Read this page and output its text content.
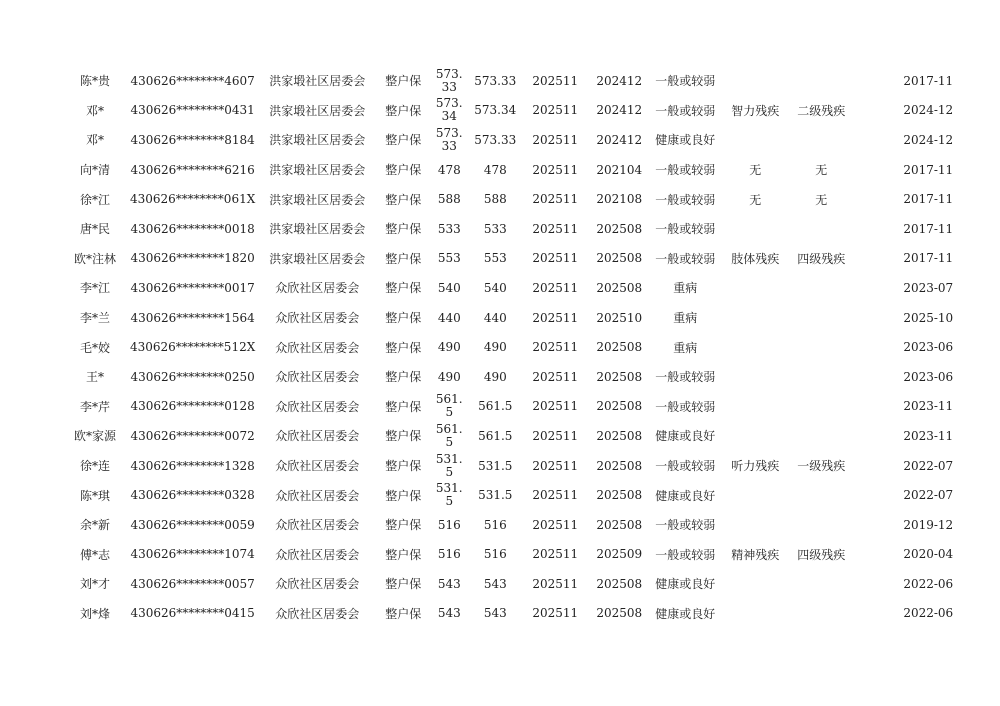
陈*贵	430626********4607	洪家塅社区居委会	整户保	573.33	573.33	202511	202412	一般或较弱				2017-11
邓*	430626********0431	洪家塅社区居委会	整户保	573.34	573.34	202511	202412	一般或较弱	智力残疾	二级残疾		2024-12
邓*	430626********8184	洪家塅社区居委会	整户保	573.33	573.33	202511	202412	健康或良好				2024-12
向*清	430626********6216	洪家塅社区居委会	整户保	478	478	202511	202104	一般或较弱	无	无		2017-11
徐*江	430626********061X	洪家塅社区居委会	整户保	588	588	202511	202108	一般或较弱	无	无		2017-11
唐*民	430626********0018	洪家塅社区居委会	整户保	533	533	202511	202508	一般或较弱				2017-11
欧*注林	430626********1820	洪家塅社区居委会	整户保	553	553	202511	202508	一般或较弱	肢体残疾	四级残疾		2017-11
李*江	430626********0017	众欣社区居委会	整户保	540	540	202511	202508	重病				2023-07
李*兰	430626********1564	众欣社区居委会	整户保	440	440	202511	202510	重病				2025-10
毛*姣	430626********512X	众欣社区居委会	整户保	490	490	202511	202508	重病				2023-06
王*	430626********0250	众欣社区居委会	整户保	490	490	202511	202508	一般或较弱				2023-06
李*芹	430626********0128	众欣社区居委会	整户保	561.5	561.5	202511	202508	一般或较弱				2023-11
欧*家源	430626********0072	众欣社区居委会	整户保	561.5	561.5	202511	202508	健康或良好				2023-11
徐*连	430626********1328	众欣社区居委会	整户保	531.5	531.5	202511	202508	一般或较弱	听力残疾	一级残疾		2022-07
陈*琪	430626********0328	众欣社区居委会	整户保	531.5	531.5	202511	202508	健康或良好				2022-07
余*新	430626********0059	众欣社区居委会	整户保	516	516	202511	202508	一般或较弱				2019-12
傅*志	430626********1074	众欣社区居委会	整户保	516	516	202511	202509	一般或较弱	精神残疾	四级残疾		2020-04
刘*才	430626********0057	众欣社区居委会	整户保	543	543	202511	202508	健康或良好				2022-06
刘*烽	430626********0415	众欣社区居委会	整户保	543	543	202511	202508	健康或良好				2022-06
